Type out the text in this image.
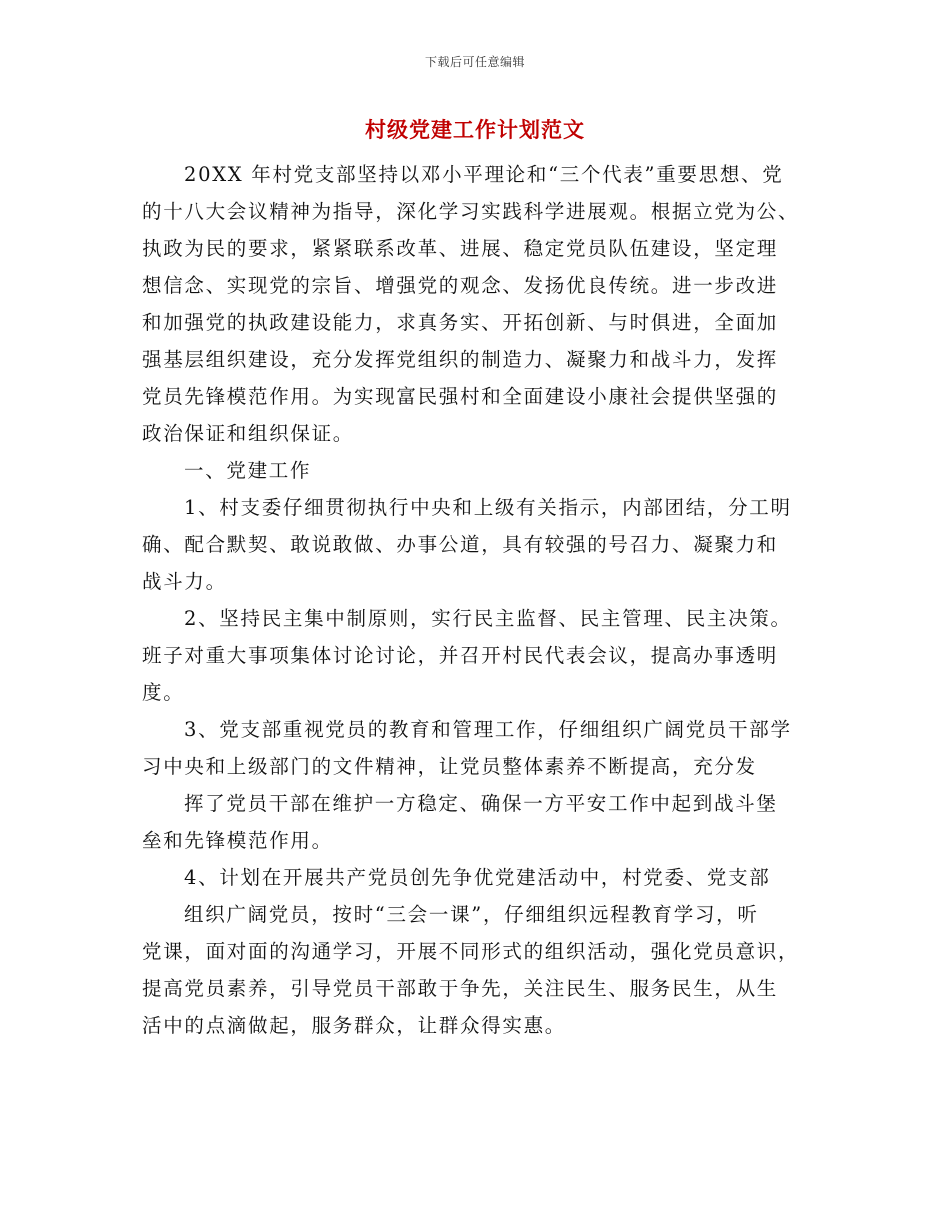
下载后可任意编辑
村级党建工作计划范文
20XX 年村党支部坚持以邓小平理论和“三个代表”重要思想、党
的十八大会议精神为指导，深化学习实践科学进展观。根据立党为公、
执政为民的要求，紧紧联系改革、进展、稳定党员队伍建设，坚定理
想信念、实现党的宗旨、增强党的观念、发扬优良传统。进一步改进
和加强党的执政建设能力，求真务实、开拓创新、与时俱进，全面加
强基层组织建设，充分发挥党组织的制造力、凝聚力和战斗力，发挥
党员先锋模范作用。为实现富民强村和全面建设小康社会提供坚强的
政治保证和组织保证。
一、党建工作
1、村支委仔细贯彻执行中央和上级有关指示，内部团结，分工明
确、配合默契、敢说敢做、办事公道，具有较强的号召力、凝聚力和
战斗力。
2、坚持民主集中制原则，实行民主监督、民主管理、民主决策。
班子对重大事项集体讨论讨论，并召开村民代表会议，提高办事透明
度。
3、党支部重视党员的教育和管理工作，仔细组织广阔党员干部学
习中央和上级部门的文件精神，让党员整体素养不断提高，充分发
挥了党员干部在维护一方稳定、确保一方平安工作中起到战斗堡
垒和先锋模范作用。
4、计划在开展共产党员创先争优党建活动中，村党委、党支部
组织广阔党员，按时“三会一课”，仔细组织远程教育学习，听
党课，面对面的沟通学习，开展不同形式的组织活动，强化党员意识，
提高党员素养，引导党员干部敢于争先，关注民生、服务民生，从生
活中的点滴做起，服务群众，让群众得实惠。
